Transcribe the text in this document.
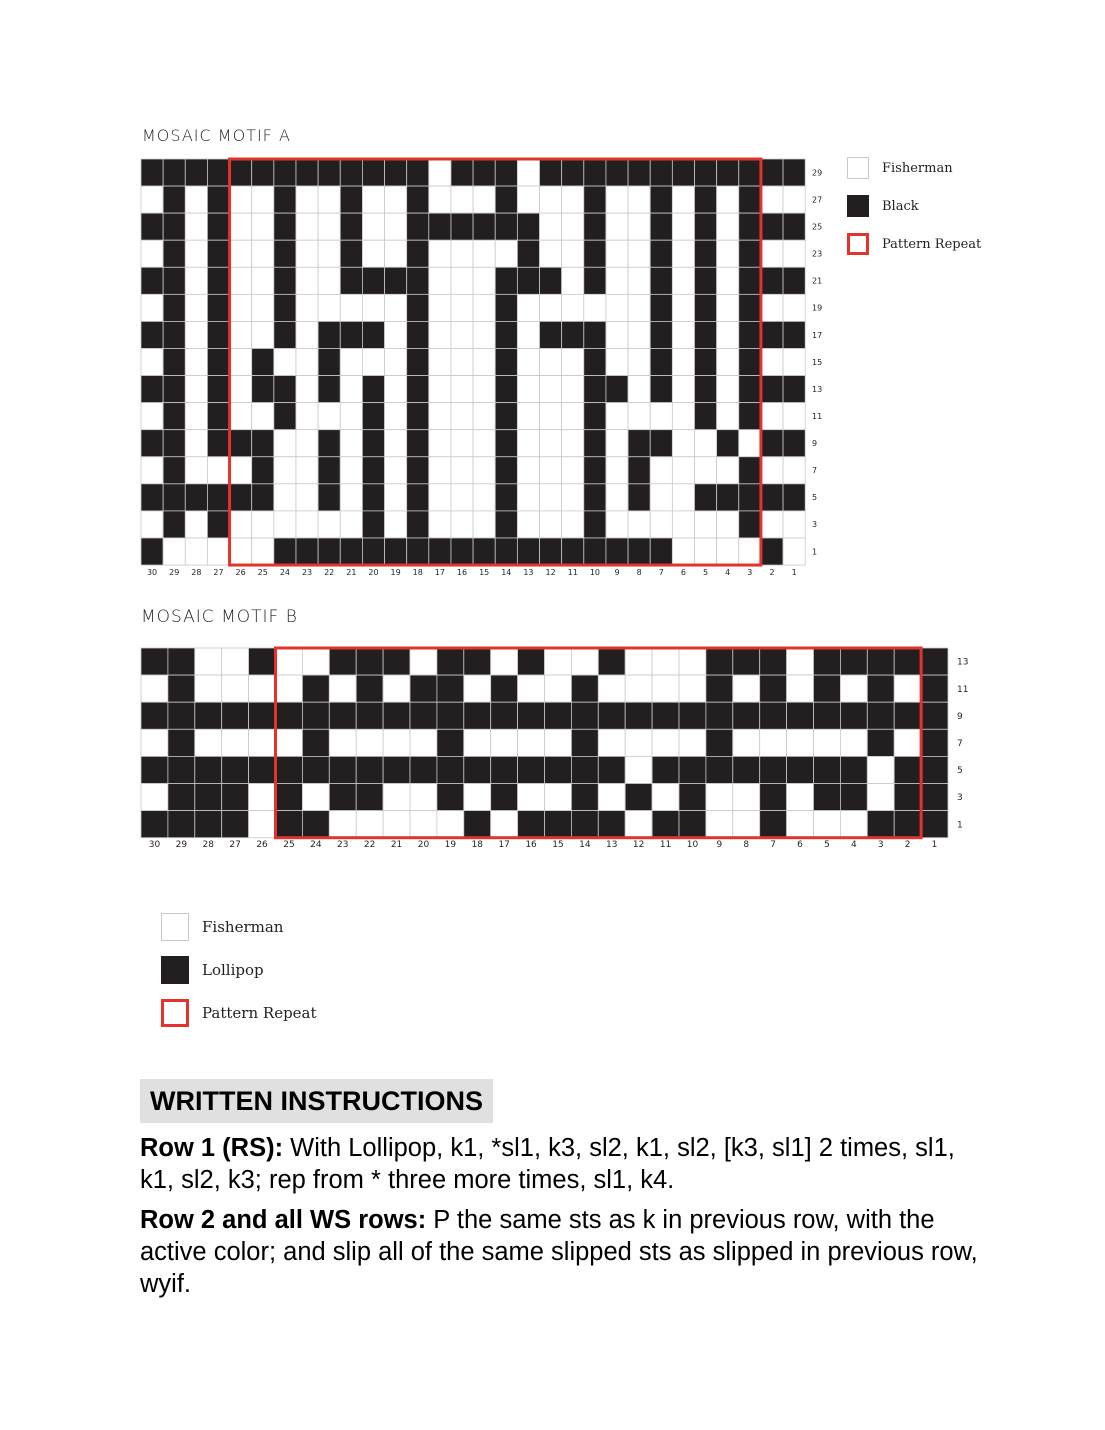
MOSAIC MOTIF A
MOSAIC MOTIF B
29
27
25
23
21
19
17
15
13
11
9
7
5
3
1
30 29 28 27 26 25 24 23 22 21 20 19 18 17 16 15 14 13 12 11 10 9 8 7 6 5 4 3 2 1
13
11
9
7
5
3
1
30 29 28 27 26 25 24 23 22 21 20 19 18 17 16 15 14 13 12 11 10 9 8 7 6 5 4 3 2 1
Fisherman
Black
Pattern Repeat
Fisherman
Lollipop
Pattern Repeat
WRITTEN INSTRUCTIONS
Row 1 (RS): With Lollipop, k1, *sl1, k3, sl2, k1, sl2, [k3, sl1] 2 times, sl1, k1, sl2, k3; rep from * three more times, sl1, k4.
Row 2 and all WS rows: P the same sts as k in previous row, with the active color; and slip all of the same slipped sts as slipped in previous row, wyif.
